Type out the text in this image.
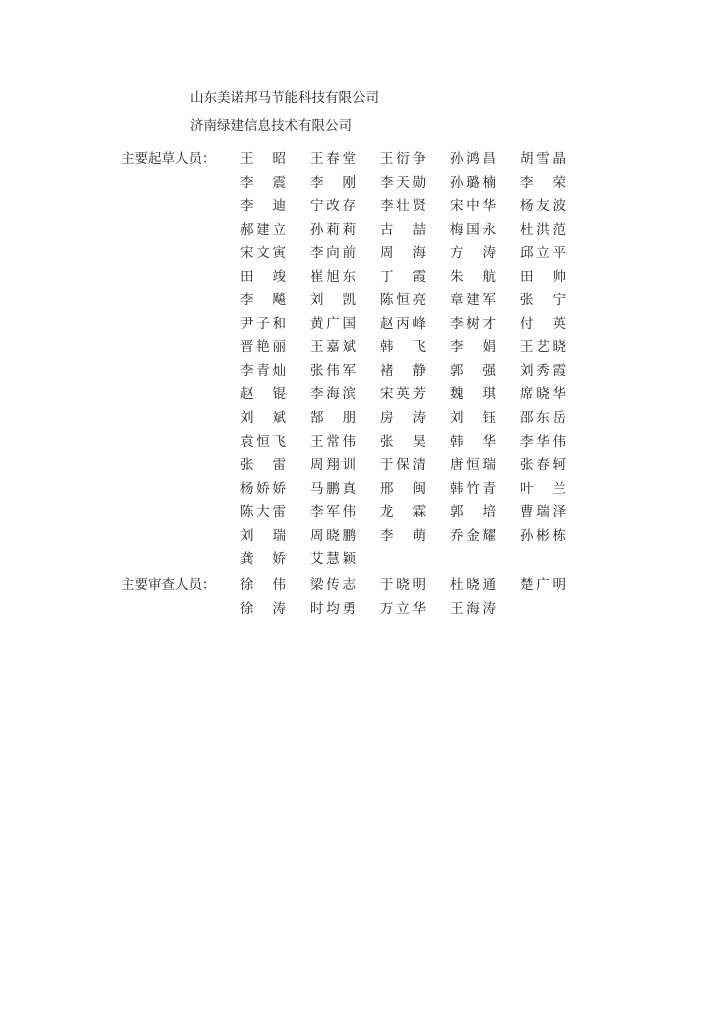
山东美诺邦马节能科技有限公司
济南绿建信息技术有限公司
主要起草人员： 王 昭 王春堂 王衍争 孙鸿昌 胡雪晶
李 震 李 刚 李天勋 孙璐楠 李 荣
李 迪 宁改存 李壮贤 宋中华 杨友波
郝建立 孙莉莉 古 喆 梅国永 杜洪范
宋文寅 李向前 周 海 方 涛 邱立平
田 竣 崔旭东 丁 霞 朱 航 田 帅
李 飚 刘 凯 陈恒亮 章建军 张 宁
尹子和 黄广国 赵丙峰 李树才 付 英
晋艳丽 王嘉斌 韩 飞 李 娟 王艺晓
李青灿 张伟军 褚 静 郭 强 刘秀霞
赵 锟 李海滨 宋英芳 魏 琪 席晓华
刘 斌 郜 朋 房 涛 刘 钰 邵东岳
袁恒飞 王常伟 张 昊 韩 华 李华伟
张 雷 周翔训 于保清 唐恒瑞 张春轲
杨娇娇 马鹏真 邢 闽 韩竹青 叶 兰
陈大雷 李军伟 龙 霖 郭 培 曹瑞泽
刘 瑞 周晓鹏 李 萌 乔金耀 孙彬栋
龚 娇 艾慧颖
主要审查人员： 徐 伟 梁传志 于晓明 杜晓通 楚广明
徐 涛 时均勇 万立华 王海涛
